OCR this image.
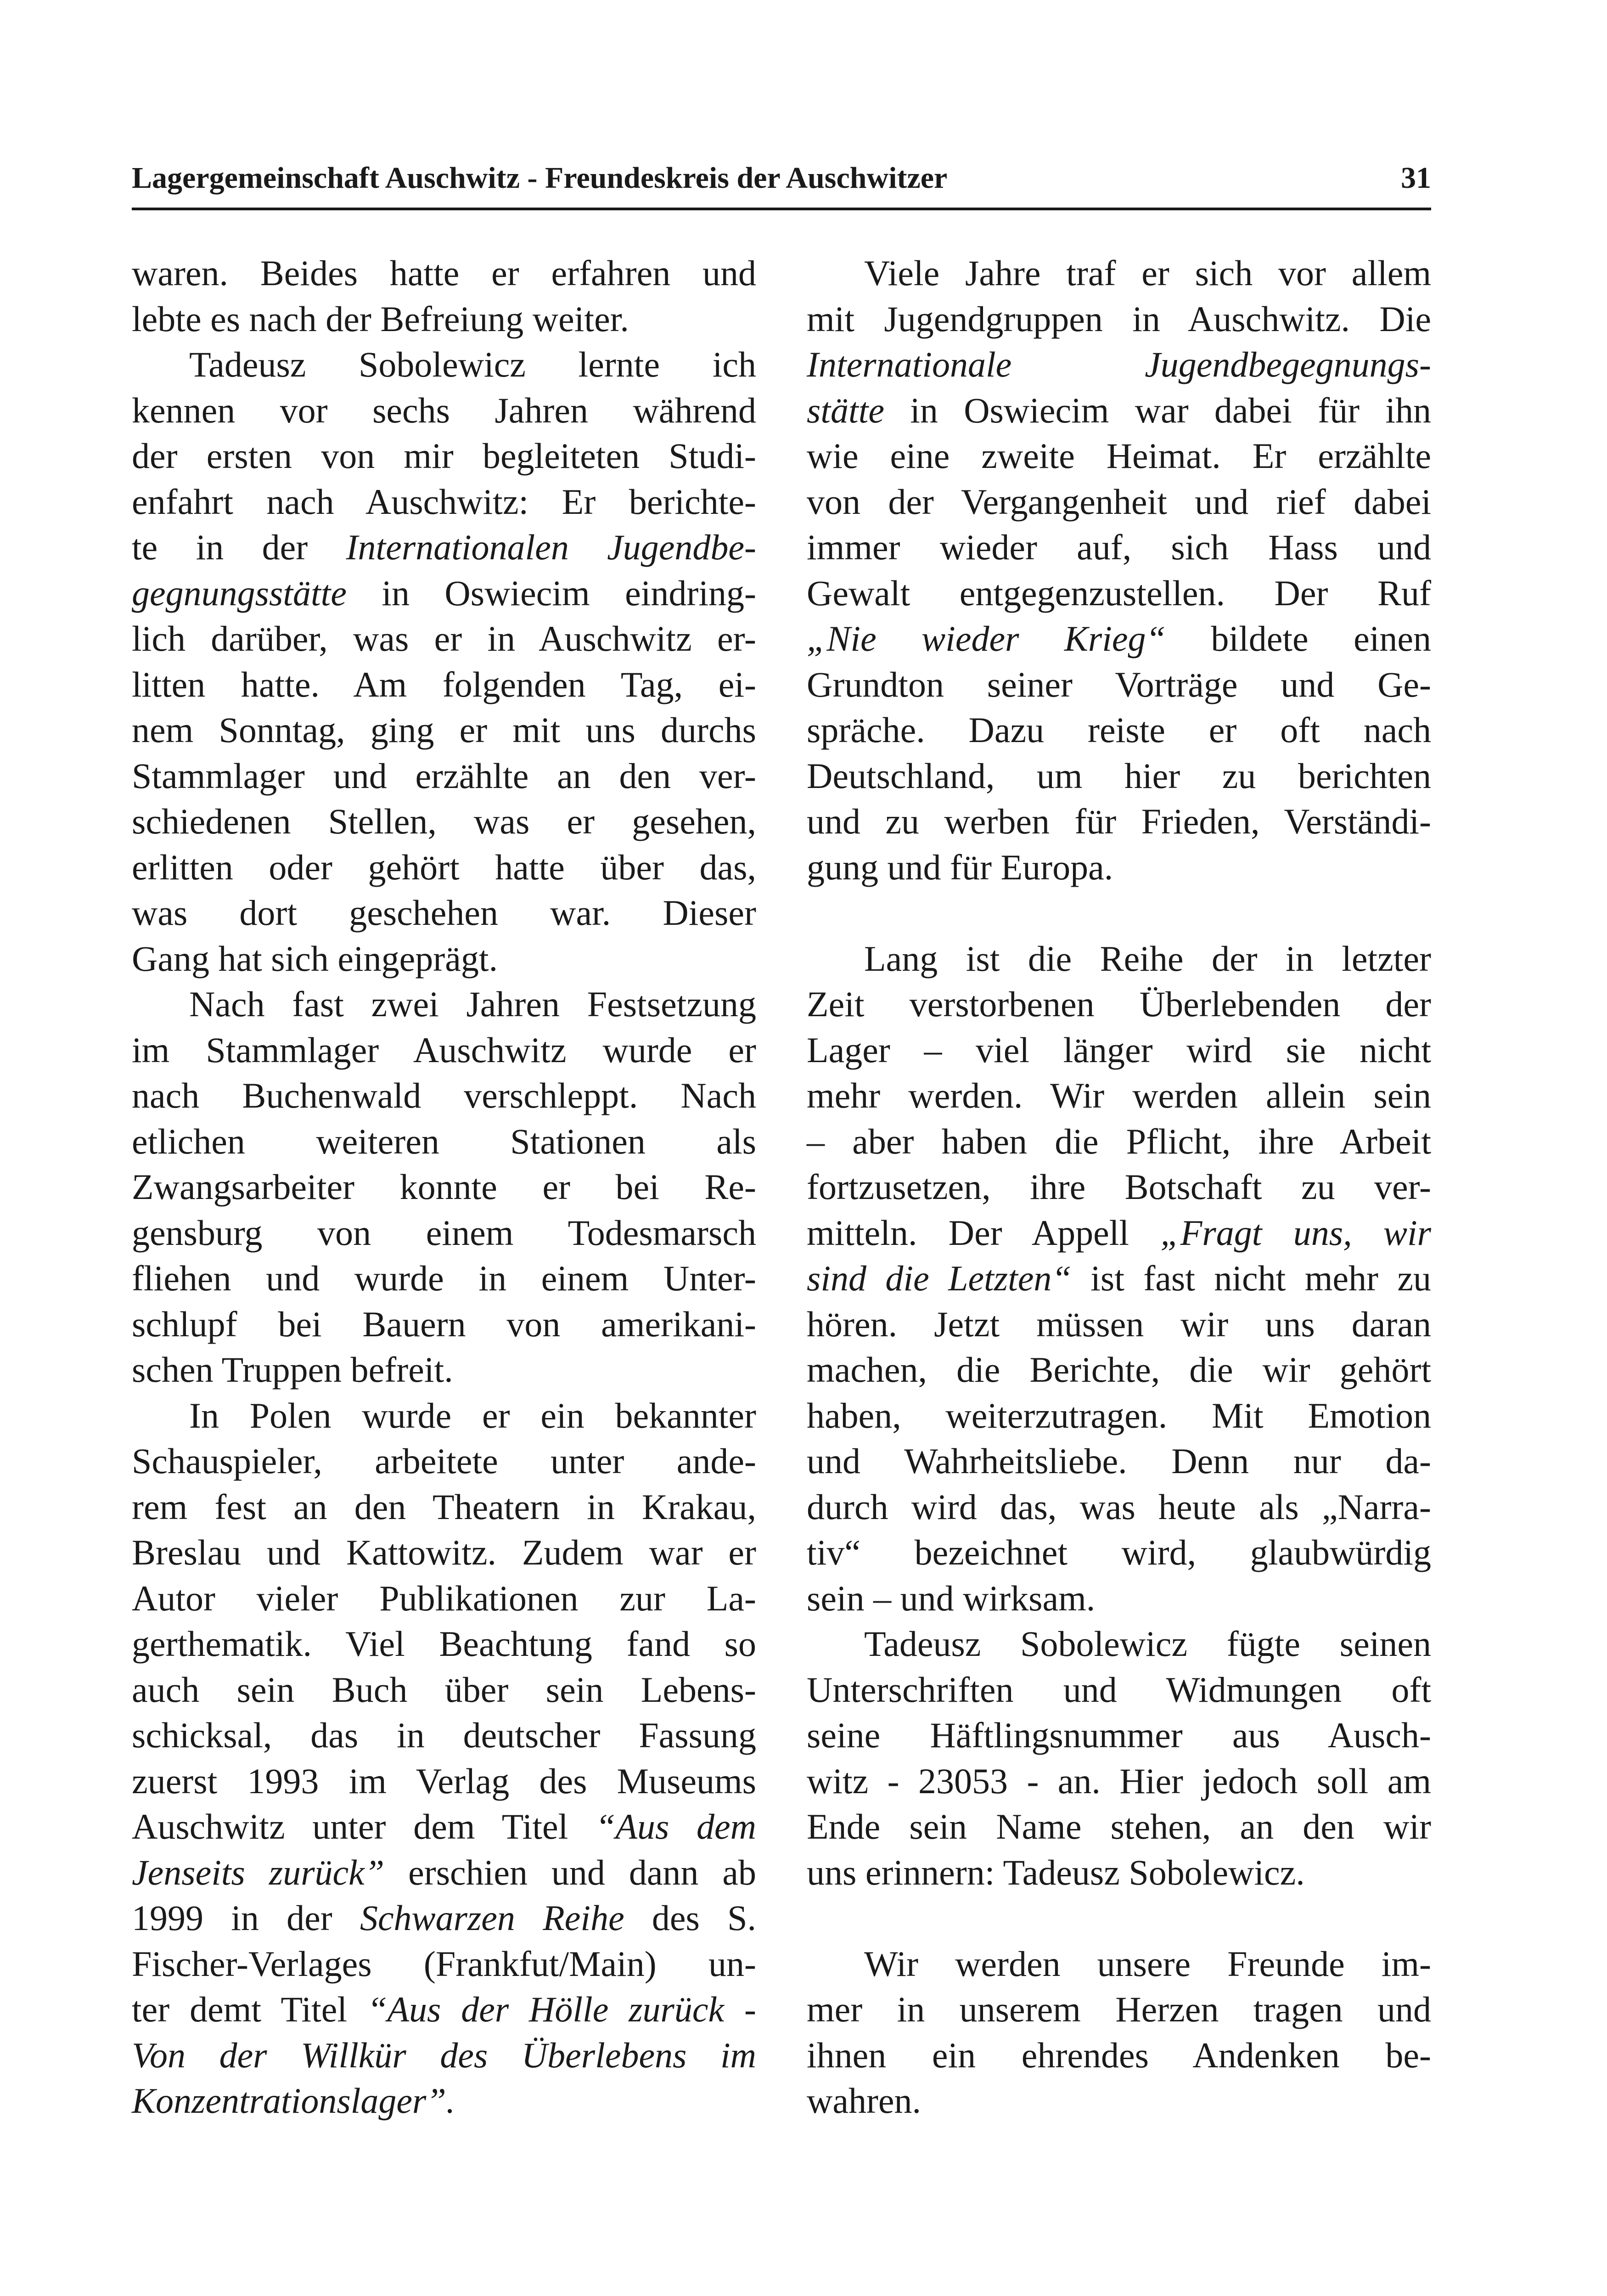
Lagergemeinschaft Auschwitz - Freundeskreis der Auschwitzer	31
waren. Beides hatte er erfahren und
lebte es nach der Befreiung weiter.
Tadeusz Sobolewicz lernte ich
kennen vor sechs Jahren während
der ersten von mir begleiteten Studi-
enfahrt nach Auschwitz: Er berichte-
te in der Internationalen Jugendbe-
gegnungsstätte in Oswiecim eindring-
lich darüber, was er in Auschwitz er-
litten hatte. Am folgenden Tag, ei-
nem Sonntag, ging er mit uns durchs
Stammlager und erzählte an den ver-
schiedenen Stellen, was er gesehen,
erlitten oder gehört hatte über das,
was dort geschehen war. Dieser
Gang hat sich eingeprägt.
Nach fast zwei Jahren Festsetzung
im Stammlager Auschwitz wurde er
nach Buchenwald verschleppt. Nach
etlichen weiteren Stationen als
Zwangsarbeiter konnte er bei Re-
gensburg von einem Todesmarsch
fliehen und wurde in einem Unter-
schlupf bei Bauern von amerikani-
schen Truppen befreit.
In Polen wurde er ein bekannter
Schauspieler, arbeitete unter ande-
rem fest an den Theatern in Krakau,
Breslau und Kattowitz. Zudem war er
Autor vieler Publikationen zur La-
gerthematik. Viel Beachtung fand so
auch sein Buch über sein Lebens-
schicksal, das in deutscher Fassung
zuerst 1993 im Verlag des Museums
Auschwitz unter dem Titel “Aus dem
Jenseits zurück” erschien und dann ab
1999 in der Schwarzen Reihe des S.
Fischer-Verlages (Frankfut/Main) un-
ter demt Titel “Aus der Hölle zurück -
Von der Willkür des Überlebens im
Konzentrationslager”.
Viele Jahre traf er sich vor allem
mit Jugendgruppen in Auschwitz. Die
Internationale Jugendbegegnungs-
stätte in Oswiecim war dabei für ihn
wie eine zweite Heimat. Er erzählte
von der Vergangenheit und rief dabei
immer wieder auf, sich Hass und
Gewalt entgegenzustellen. Der Ruf
„Nie wieder Krieg“ bildete einen
Grundton seiner Vorträge und Ge-
spräche. Dazu reiste er oft nach
Deutschland, um hier zu berichten
und zu werben für Frieden, Verständi-
gung und für Europa.
Lang ist die Reihe der in letzter
Zeit verstorbenen Überlebenden der
Lager – viel länger wird sie nicht
mehr werden. Wir werden allein sein
– aber haben die Pflicht, ihre Arbeit
fortzusetzen, ihre Botschaft zu ver-
mitteln. Der Appell „Fragt uns, wir
sind die Letzten“ ist fast nicht mehr zu
hören. Jetzt müssen wir uns daran
machen, die Berichte, die wir gehört
haben, weiterzutragen. Mit Emotion
und Wahrheitsliebe. Denn nur da-
durch wird das, was heute als „Narra-
tiv“ bezeichnet wird, glaubwürdig
sein – und wirksam.
Tadeusz Sobolewicz fügte seinen
Unterschriften und Widmungen oft
seine Häftlingsnummer aus Ausch-
witz - 23053 - an. Hier jedoch soll am
Ende sein Name stehen, an den wir
uns erinnern: Tadeusz Sobolewicz.
Wir werden unsere Freunde im-
mer in unserem Herzen tragen und
ihnen ein ehrendes Andenken be-
wahren.
